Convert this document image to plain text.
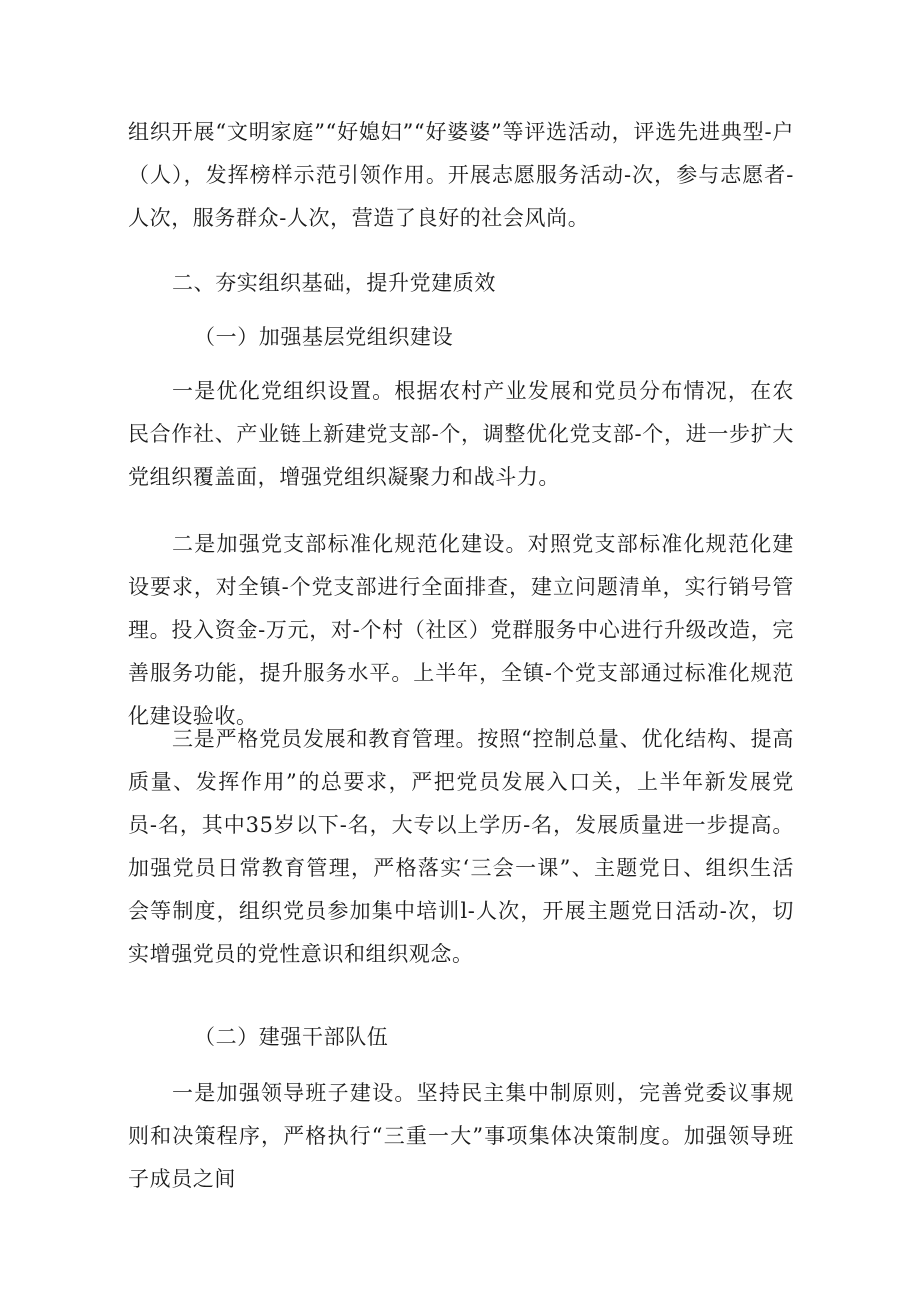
组织开展“文明家庭”“好媳妇”“好婆婆”等评选活动，评选先进典型-户（人），发挥榜样示范引领作用。开展志愿服务活动-次，参与志愿者-人次，服务群众-人次，营造了良好的社会风尚。

二、夯实组织基础，提升党建质效

（一）加强基层党组织建设

一是优化党组织设置。根据农村产业发展和党员分布情况，在农民合作社、产业链上新建党支部-个，调整优化党支部-个，进一步扩大党组织覆盖面，增强党组织凝聚力和战斗力。

二是加强党支部标准化规范化建设。对照党支部标准化规范化建设要求，对全镇-个党支部进行全面排查，建立问题清单，实行销号管理。投入资金-万元，对-个村（社区）党群服务中心进行升级改造，完善服务功能，提升服务水平。上半年，全镇-个党支部通过标准化规范化建设验收。

三是严格党员发展和教育管理。按照“控制总量、优化结构、提高质量、发挥作用”的总要求，严把党员发展入口关，上半年新发展党员-名，其中35岁以下-名，大专以上学历-名，发展质量进一步提高。加强党员日常教育管理，严格落实‘三会一课”、主题党日、组织生活会等制度，组织党员参加集中培训l-人次，开展主题党日活动-次，切实增强党员的党性意识和组织观念。

（二）建强干部队伍

一是加强领导班子建设。坚持民主集中制原则，完善党委议事规则和决策程序，严格执行“三重一大”事项集体决策制度。加强领导班子成员之间
